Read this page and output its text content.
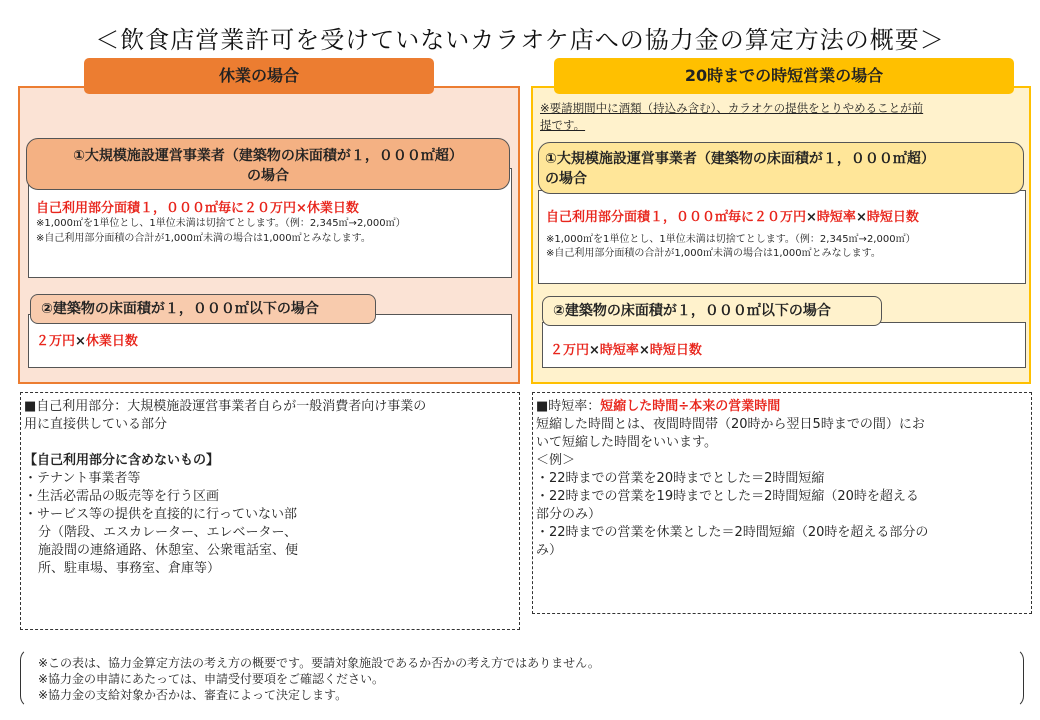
＜飲食店営業許可を受けていないカラオケ店への協力金の算定方法の概要＞
休業の場合
①大規模施設運営事業者（建築物の床面積が１，０００㎡超）
の場合
自己利用部分面積１，０００㎡毎に２０万円×休業日数
※1,000㎡を1単位とし、1単位未満は切捨てとします。（例：2,345㎡→2,000㎡）
※自己利用部分面積の合計が1,000㎡未満の場合は1,000㎡とみなします。
②建築物の床面積が１，０００㎡以下の場合
２万円×休業日数
20時までの時短営業の場合
※要請期間中に酒類（持込み含む）、カラオケの提供をとりやめることが前
提です。
①大規模施設運営事業者（建築物の床面積が１，０００㎡超）
の場合
自己利用部分面積１，０００㎡毎に２０万円×時短率×時短日数
※1,000㎡を1単位とし、1単位未満は切捨てとします。（例：2,345㎡→2,000㎡）
※自己利用部分面積の合計が1,000㎡未満の場合は1,000㎡とみなします。
②建築物の床面積が１，０００㎡以下の場合
２万円×時短率×時短日数
■自己利用部分：大規模施設運営事業者自らが一般消費者向け事業の
用に直接供している部分
【自己利用部分に含めないもの】
・テナント事業者等
・生活必需品の販売等を行う区画
・サービス等の提供を直接的に行っていない部
分（階段、エスカレーター、エレベーター、
施設間の連絡通路、休憩室、公衆電話室、便
所、駐車場、事務室、倉庫等）
■時短率：短縮した時間÷本来の営業時間
短縮した時間とは、夜間時間帯（20時から翌日5時までの間）にお
いて短縮した時間をいいます。
＜例＞
・22時までの営業を20時までとした＝2時間短縮
・22時までの営業を19時までとした＝2時間短縮（20時を超える
部分のみ）
・22時までの営業を休業とした＝2時間短縮（20時を超える部分の
み）
※この表は、協力金算定方法の考え方の概要です。要請対象施設であるか否かの考え方ではありません。
※協力金の申請にあたっては、申請受付要項をご確認ください。
※協力金の支給対象か否かは、審査によって決定します。
